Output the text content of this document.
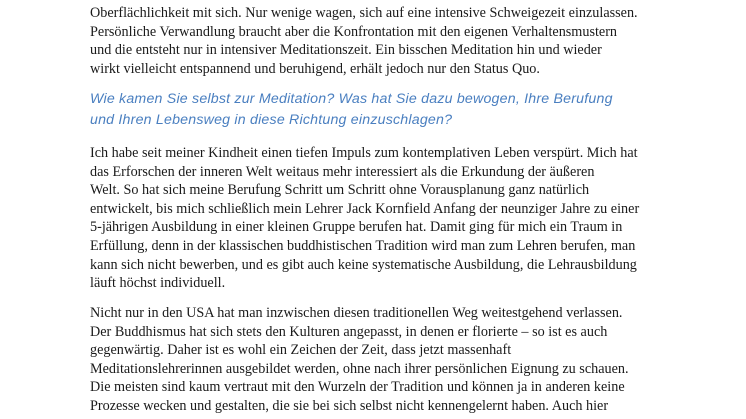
Oberflächlichkeit mit sich. Nur wenige wagen, sich auf eine intensive Schweigezeit einzulassen.
Persönliche Verwandlung braucht aber die Konfrontation mit den eigenen Verhaltensmustern
und die entsteht nur in intensiver Meditationszeit. Ein bisschen Meditation hin und wieder
wirkt vielleicht entspannend und beruhigend, erhält jedoch nur den Status Quo.
Wie kamen Sie selbst zur Meditation? Was hat Sie dazu bewogen, Ihre Berufung
und Ihren Lebensweg in diese Richtung einzuschlagen?
Ich habe seit meiner Kindheit einen tiefen Impuls zum kontemplativen Leben verspürt. Mich hat
das Erforschen der inneren Welt weitaus mehr interessiert als die Erkundung der äußeren
Welt. So hat sich meine Berufung Schritt um Schritt ohne Vorausplanung ganz natürlich
entwickelt, bis mich schließlich mein Lehrer Jack Kornfield Anfang der neunziger Jahre zu einer
5-jährigen Ausbildung in einer kleinen Gruppe berufen hat. Damit ging für mich ein Traum in
Erfüllung, denn in der klassischen buddhistischen Tradition wird man zum Lehren berufen, man
kann sich nicht bewerben, und es gibt auch keine systematische Ausbildung, die Lehrausbildung
läuft höchst individuell.
Nicht nur in den USA hat man inzwischen diesen traditionellen Weg weitestgehend verlassen.
Der Buddhismus hat sich stets den Kulturen angepasst, in denen er florierte – so ist es auch
gegenwärtig. Daher ist es wohl ein Zeichen der Zeit, dass jetzt massenhaft
Meditationslehrerinnen ausgebildet werden, ohne nach ihrer persönlichen Eignung zu schauen.
Die meisten sind kaum vertraut mit den Wurzeln der Tradition und können ja in anderen keine
Prozesse wecken und gestalten, die sie bei sich selbst nicht kennengelernt haben. Auch hier
